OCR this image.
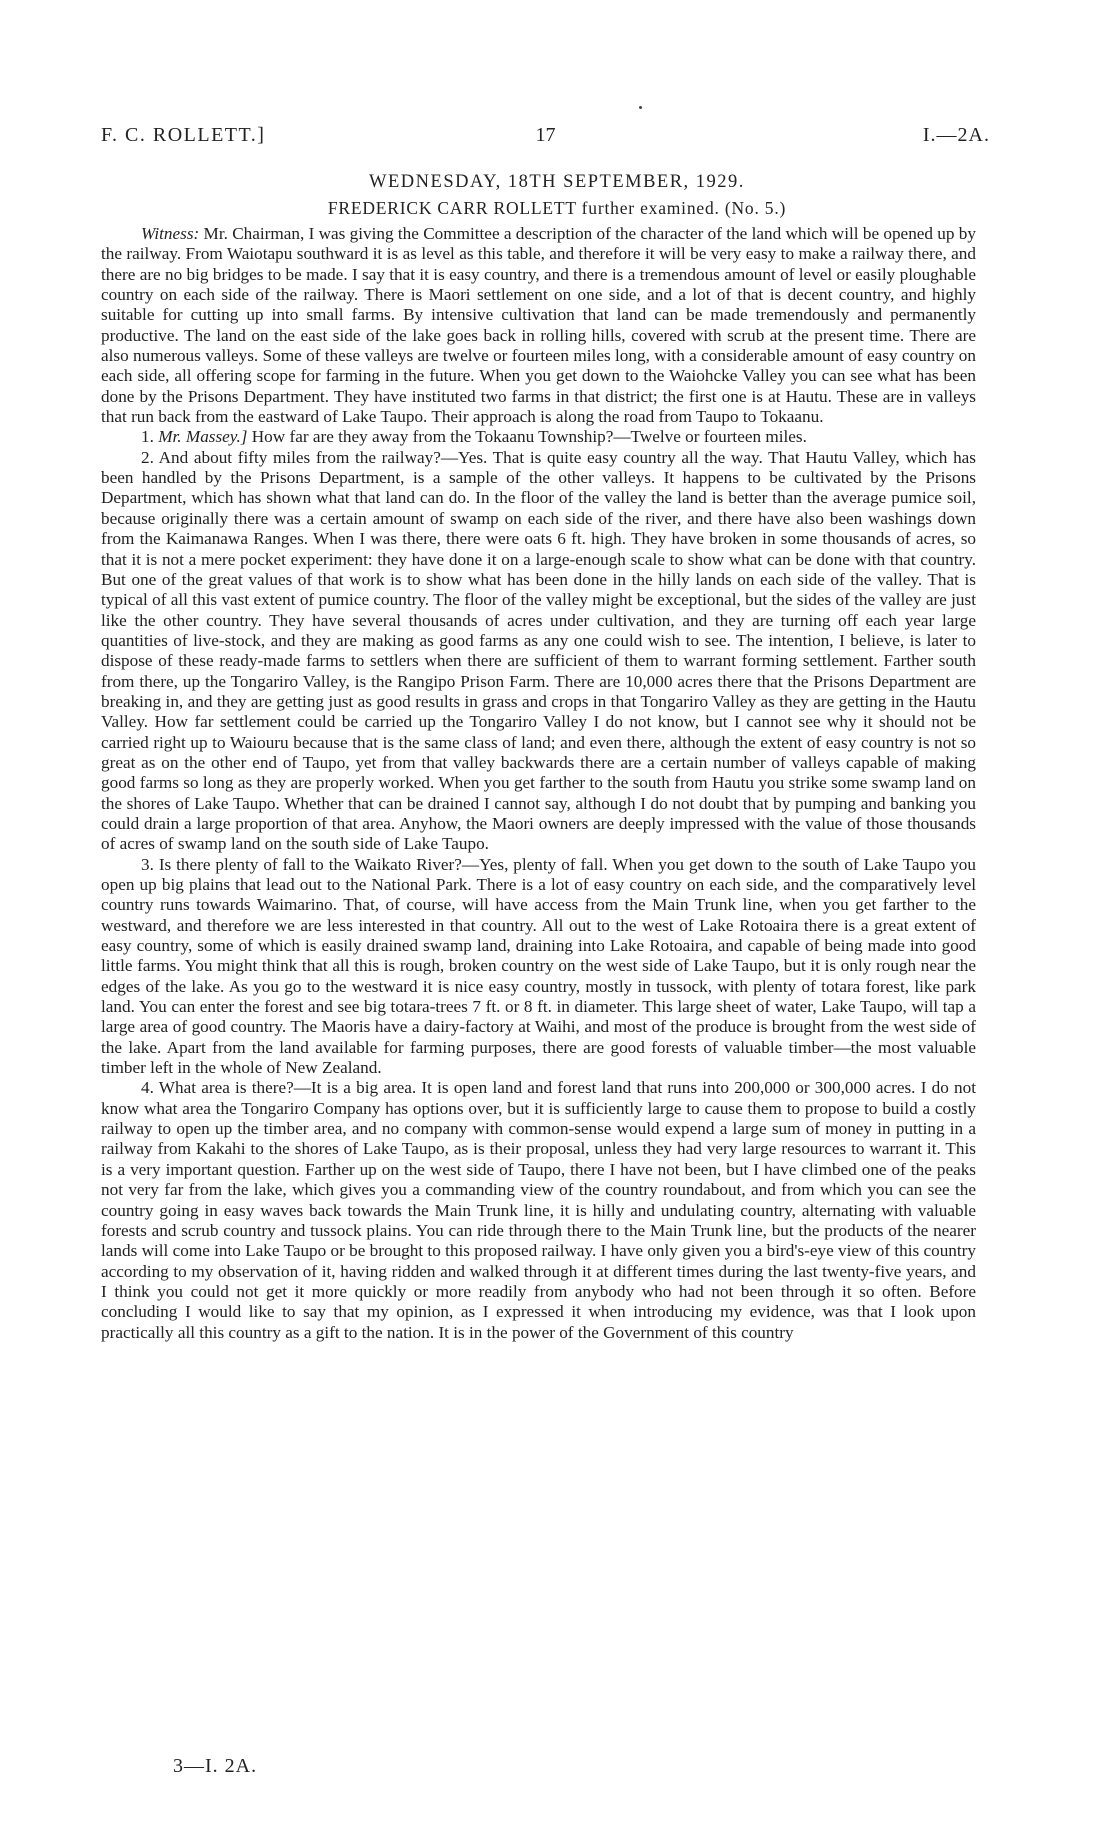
F. C. ROLLETT.]	17	I.—2A.
WEDNESDAY, 18TH SEPTEMBER, 1929.
FREDERICK CARR ROLLETT further examined. (No. 5.)

Witness: Mr. Chairman, I was giving the Committee a description of the character of the land which will be opened up by the railway. From Waiotapu southward it is as level as this table, and therefore it will be very easy to make a railway there, and there are no big bridges to be made. I say that it is easy country, and there is a tremendous amount of level or easily ploughable country on each side of the railway. There is Maori settlement on one side, and a lot of that is decent country, and highly suitable for cutting up into small farms. By intensive cultivation that land can be made tremendously and permanently productive. The land on the east side of the lake goes back in rolling hills, covered with scrub at the present time. There are also numerous valleys. Some of these valleys are twelve or fourteen miles long, with a considerable amount of easy country on each side, all offering scope for farming in the future. When you get down to the Waiohcke Valley you can see what has been done by the Prisons Department. They have instituted two farms in that district; the first one is at Hautu. These are in valleys that run back from the eastward of Lake Taupo. Their approach is along the road from Taupo to Tokaanu.

1. Mr. Massey.] How far are they away from the Tokaanu Township?—Twelve or fourteen miles.

2. And about fifty miles from the railway?—Yes. That is quite easy country all the way. That Hautu Valley, which has been handled by the Prisons Department, is a sample of the other valleys. It happens to be cultivated by the Prisons Department, which has shown what that land can do. In the floor of the valley the land is better than the average pumice soil, because originally there was a certain amount of swamp on each side of the river, and there have also been washings down from the Kaimanawa Ranges. When I was there, there were oats 6 ft. high. They have broken in some thousands of acres, so that it is not a mere pocket experiment: they have done it on a large-enough scale to show what can be done with that country. But one of the great values of that work is to show what has been done in the hilly lands on each side of the valley. That is typical of all this vast extent of pumice country. The floor of the valley might be exceptional, but the sides of the valley are just like the other country. They have several thousands of acres under cultivation, and they are turning off each year large quantities of live-stock, and they are making as good farms as any one could wish to see. The intention, I believe, is later to dispose of these ready-made farms to settlers when there are sufficient of them to warrant forming settlement. Farther south from there, up the Tongariro Valley, is the Rangipo Prison Farm. There are 10,000 acres there that the Prisons Department are breaking in, and they are getting just as good results in grass and crops in that Tongariro Valley as they are getting in the Hautu Valley. How far settlement could be carried up the Tongariro Valley I do not know, but I cannot see why it should not be carried right up to Waiouru because that is the same class of land; and even there, although the extent of easy country is not so great as on the other end of Taupo, yet from that valley backwards there are a certain number of valleys capable of making good farms so long as they are properly worked. When you get farther to the south from Hautu you strike some swamp land on the shores of Lake Taupo. Whether that can be drained I cannot say, although I do not doubt that by pumping and banking you could drain a large proportion of that area. Anyhow, the Maori owners are deeply impressed with the value of those thousands of acres of swamp land on the south side of Lake Taupo.

3. Is there plenty of fall to the Waikato River?—Yes, plenty of fall. When you get down to the south of Lake Taupo you open up big plains that lead out to the National Park. There is a lot of easy country on each side, and the comparatively level country runs towards Waimarino. That, of course, will have access from the Main Trunk line, when you get farther to the westward, and therefore we are less interested in that country. All out to the west of Lake Rotoaira there is a great extent of easy country, some of which is easily drained swamp land, draining into Lake Rotoaira, and capable of being made into good little farms. You might think that all this is rough, broken country on the west side of Lake Taupo, but it is only rough near the edges of the lake. As you go to the westward it is nice easy country, mostly in tussock, with plenty of totara forest, like park land. You can enter the forest and see big totara-trees 7 ft. or 8 ft. in diameter. This large sheet of water, Lake Taupo, will tap a large area of good country. The Maoris have a dairy-factory at Waihi, and most of the produce is brought from the west side of the lake. Apart from the land available for farming purposes, there are good forests of valuable timber—the most valuable timber left in the whole of New Zealand.

4. What area is there?—It is a big area. It is open land and forest land that runs into 200,000 or 300,000 acres. I do not know what area the Tongariro Company has options over, but it is sufficiently large to cause them to propose to build a costly railway to open up the timber area, and no company with common-sense would expend a large sum of money in putting in a railway from Kakahi to the shores of Lake Taupo, as is their proposal, unless they had very large resources to warrant it. This is a very important question. Farther up on the west side of Taupo, there I have not been, but I have climbed one of the peaks not very far from the lake, which gives you a commanding view of the country roundabout, and from which you can see the country going in easy waves back towards the Main Trunk line, it is hilly and undulating country, alternating with valuable forests and scrub country and tussock plains. You can ride through there to the Main Trunk line, but the products of the nearer lands will come into Lake Taupo or be brought to this proposed railway. I have only given you a bird's-eye view of this country according to my observation of it, having ridden and walked through it at different times during the last twenty-five years, and I think you could not get it more quickly or more readily from anybody who had not been through it so often. Before concluding I would like to say that my opinion, as I expressed it when introducing my evidence, was that I look upon practically all this country as a gift to the nation. It is in the power of the Government of this country

3—I. 2A.
